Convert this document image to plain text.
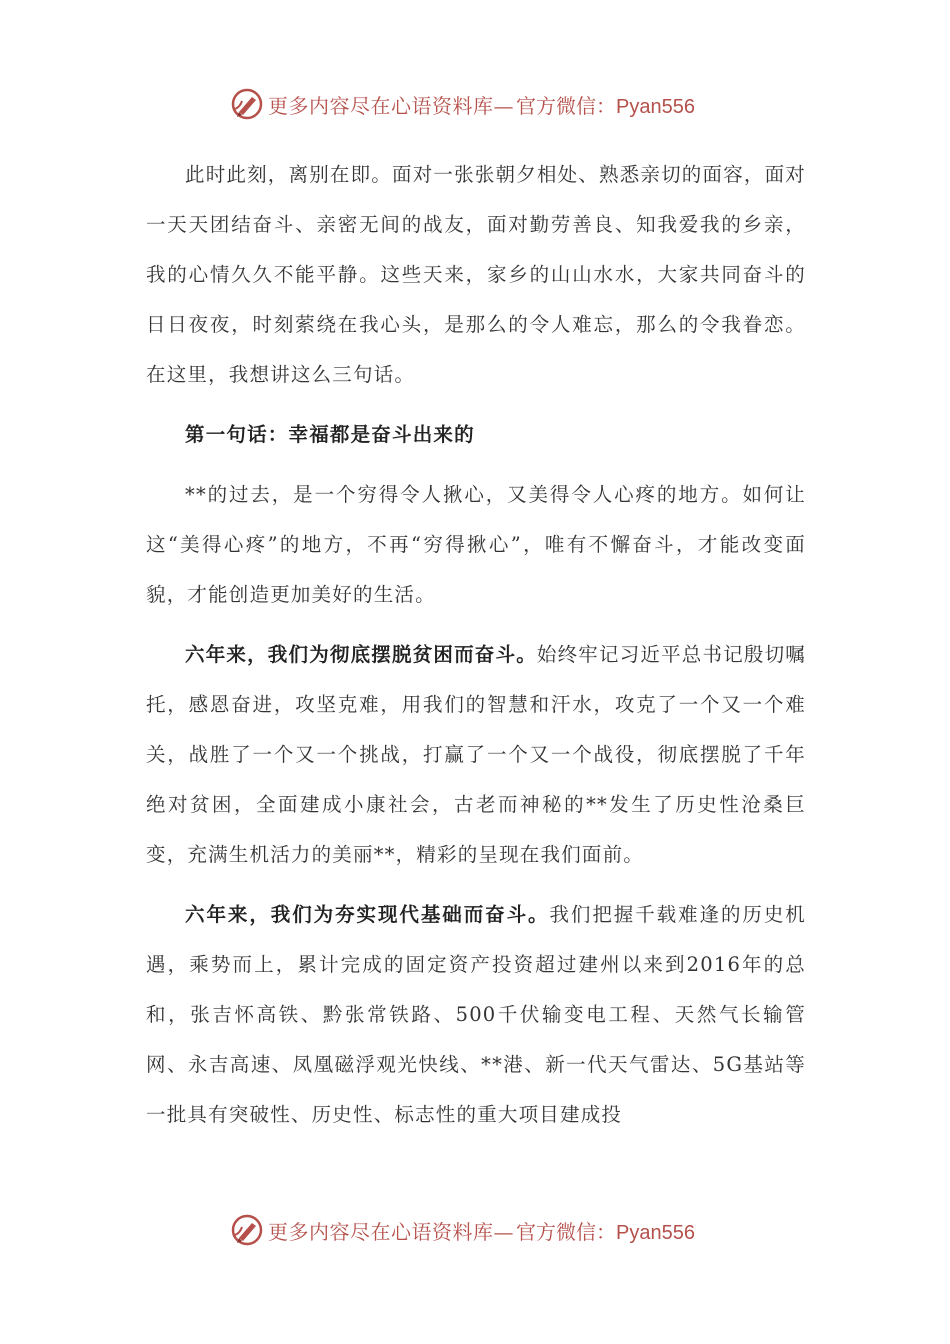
更多内容尽在心语资料库— 官方微信：Pyan556

此时此刻，离别在即。面对一张张朝夕相处、熟悉亲切的面容，面对一天天团结奋斗、亲密无间的战友，面对勤劳善良、知我爱我的乡亲，我的心情久久不能平静。这些天来，家乡的山山水水，大家共同奋斗的日日夜夜，时刻萦绕在我心头，是那么的令人难忘，那么的令我眷恋。在这里，我想讲这么三句话。

第一句话：幸福都是奋斗出来的

**的过去，是一个穷得令人揪心，又美得令人心疼的地方。如何让这“美得心疼”的地方，不再“穷得揪心”，唯有不懈奋斗，才能改变面貌，才能创造更加美好的生活。

六年来，我们为彻底摆脱贫困而奋斗。始终牢记习近平总书记殷切嘱托，感恩奋进，攻坚克难，用我们的智慧和汗水，攻克了一个又一个难关，战胜了一个又一个挑战，打赢了一个又一个战役，彻底摆脱了千年绝对贫困，全面建成小康社会，古老而神秘的**发生了历史性沧桑巨变，充满生机活力的美丽**，精彩的呈现在我们面前。

六年来，我们为夯实现代基础而奋斗。我们把握千载难逢的历史机遇，乘势而上，累计完成的固定资产投资超过建州以来到2016年的总和，张吉怀高铁、黔张常铁路、500千伏输变电工程、天然气长输管网、永吉高速、凤凰磁浮观光快线、**港、新一代天气雷达、5G基站等一批具有突破性、历史性、标志性的重大项目建成投

更多内容尽在心语资料库— 官方微信：Pyan556
